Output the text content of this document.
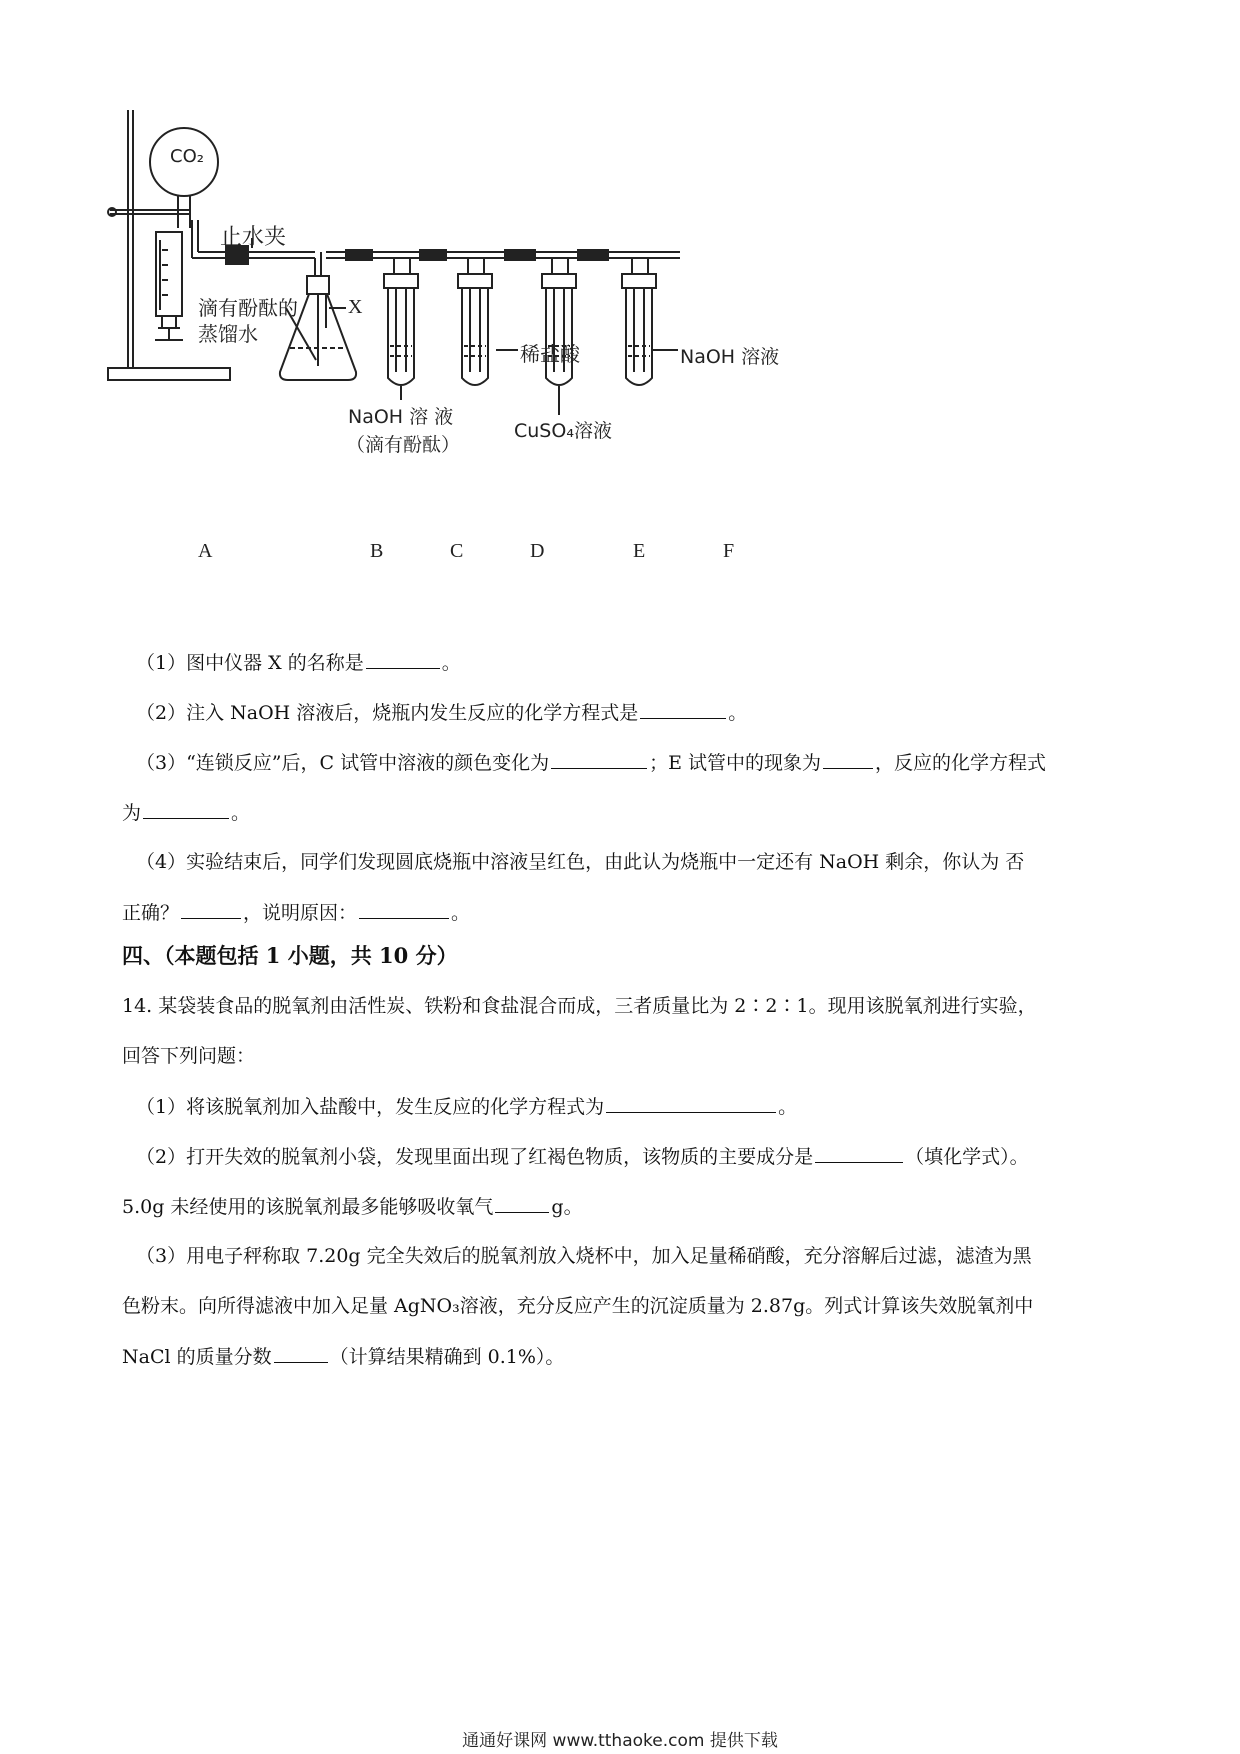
CO₂
止水夹
滴有酚酞的
蒸馏水
X
稀盐酸	NaOH 溶液
NaOH 溶 液
（滴有酚酞）
CuSO₄溶液
A	B	C	D	E	F
（1）图中仪器 X 的名称是	。
（2）注入 NaOH 溶液后，烧瓶内发生反应的化学方程式是	。
（3）“连锁反应”后，C 试管中溶液的颜色变化为	；E 试管中的现象为	，反应的化学方程式
为	。
（4）实验结束后，同学们发现圆底烧瓶中溶液呈红色，由此认为烧瓶中一定还有 NaOH 剩余，你认为 否
正确？	，说明原因：	。
四、（本题包括 1 小题，共 10 分）
14. 某袋装食品的脱氧剂由活性炭、铁粉和食盐混合而成，三者质量比为 2∶2∶1。现用该脱氧剂进行实验，
回答下列问题：
（1）将该脱氧剂加入盐酸中，发生反应的化学方程式为	。
（2）打开失效的脱氧剂小袋，发现里面出现了红褐色物质，该物质的主要成分是	（填化学式）。
5.0g 未经使用的该脱氧剂最多能够吸收氧气	g。
（3）用电子秤称取 7.20g 完全失效后的脱氧剂放入烧杯中，加入足量稀硝酸，充分溶解后过滤，滤渣为黑
色粉末。向所得滤液中加入足量 AgNO₃溶液，充分反应产生的沉淀质量为 2.87g。列式计算该失效脱氧剂中
NaCl 的质量分数	（计算结果精确到 0.1%）。
通通好课网 www.tthaoke.com 提供下载
